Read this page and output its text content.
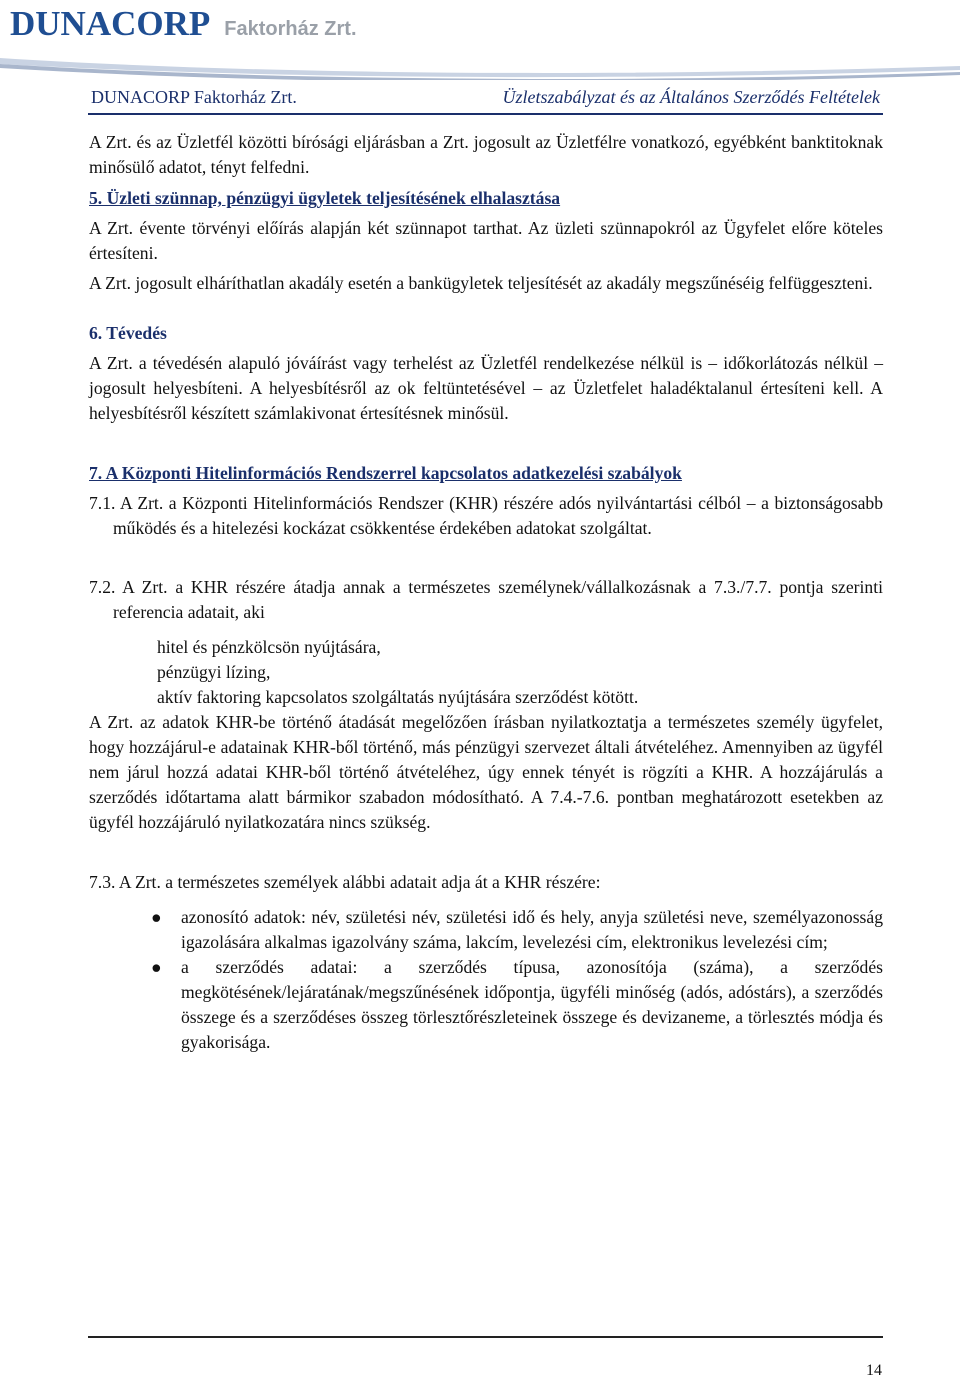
DUNACORP Faktorház Zrt.
DUNACORP Faktorház Zrt.	Üzletszabályzat és az Általános Szerződés Feltételek

A Zrt. és az Üzletfél közötti bírósági eljárásban a Zrt. jogosult az Üzletfélre vonatkozó, egyébként banktitoknak minősülő adatot, tényt felfedni.

5. Üzleti szünnap, pénzügyi ügyletek teljesítésének elhalasztása

A Zrt. évente törvényi előírás alapján két szünnapot tarthat. Az üzleti szünnapokról az Ügyfelet előre köteles értesíteni.

A Zrt. jogosult elháríthatlan akadály esetén a bankügyletek teljesítését az akadály megszűnéséig felfüggeszteni.

6. Tévedés

A Zrt. a tévedésén alapuló jóváírást vagy terhelést az Üzletfél rendelkezése nélkül is – időkorlátozás nélkül – jogosult helyesbíteni. A helyesbítésről az ok feltüntetésével – az Üzletfelet haladéktalanul értesíteni kell. A helyesbítésről készített számlakivonat értesítésnek minősül.

7. A Központi Hitelinformációs Rendszerrel kapcsolatos adatkezelési szabályok

7.1. A Zrt. a Központi Hitelinformációs Rendszer (KHR) részére adós nyilvántartási célból – a biztonságosabb működés és a hitelezési kockázat csökkentése érdekében adatokat szolgáltat.

7.2. A Zrt. a KHR részére átadja annak a természetes személynek/vállalkozásnak a 7.3./7.7. pontja szerinti referencia adatait, aki

hitel és pénzkölcsön nyújtására,
pénzügyi lízing,
aktív faktoring kapcsolatos szolgáltatás nyújtására szerződést kötött.

A Zrt. az adatok KHR-be történő átadását megelőzően írásban nyilatkoztatja a természetes személy ügyfelet, hogy hozzájárul-e adatainak KHR-ből történő, más pénzügyi szervezet általi átvételéhez. Amennyiben az ügyfél nem járul hozzá adatai KHR-ből történő átvételéhez, úgy ennek tényét is rögzíti a KHR. A hozzájárulás a szerződés időtartama alatt bármikor szabadon módosítható. A 7.4.-7.6. pontban meghatározott esetekben az ügyfél hozzájáruló nyilatkozatára nincs szükség.

7.3. A Zrt. a természetes személyek alábbi adatait adja át a KHR részére:

● azonosító adatok: név, születési név, születési idő és hely, anyja születési neve, személyazonosság igazolására alkalmas igazolvány száma, lakcím, levelezési cím, elektronikus levelezési cím;
● a szerződés adatai: a szerződés típusa, azonosítója (száma), a szerződés megkötésének/lejáratának/megszűnésének időpontja, ügyféli minőség (adós, adóstárs), a szerződés összege és a szerződéses összeg törlesztőrészleteinek összege és devizaneme, a törlesztés módja és gyakorisága.
14
